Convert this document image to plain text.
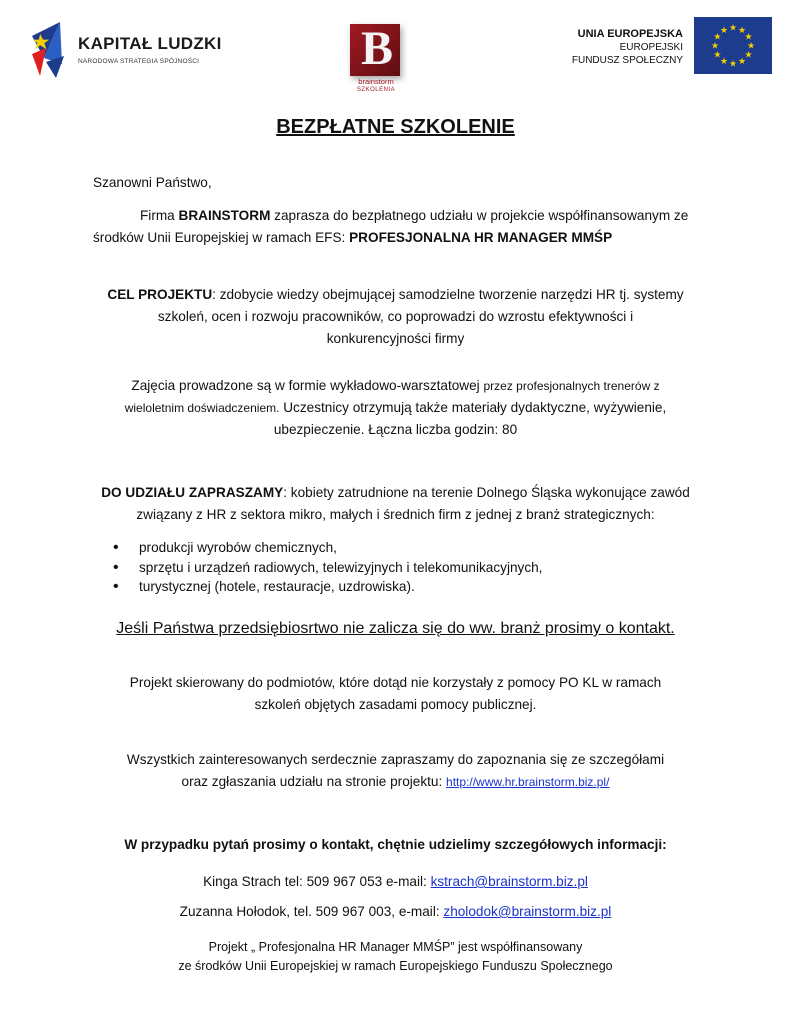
KAPITAŁ LUDZKI
NARODOWA STRATEGIA SPÓJNOŚCI	B
brainstorm
SZKOLENIA
UNIA EUROPEJSKA
EUROPEJSKI
FUNDUSZ SPOŁECZNY
★ ★
★
★
★
★
★
★
★
★
★
★
BEZPŁATNE SZKOLENIE
Szanowni Państwo,
Firma BRAINSTORM zaprasza do bezpłatnego udziału w projekcie współfinansowanym ze
środków Unii Europejskiej w ramach EFS: PROFESJONALNA HR MANAGER MMŚP
CEL PROJEKTU: zdobycie wiedzy obejmującej samodzielne tworzenie narzędzi HR tj. systemy
szkoleń, ocen i rozwoju pracowników, co poprowadzi do wzrostu efektywności i
konkurencyjności firmy
Zajęcia prowadzone są w formie wykładowo-warsztatowej przez profesjonalnych trenerów z
wieloletnim doświadczeniem. Uczestnicy otrzymują także materiały dydaktyczne, wyżywienie,
ubezpieczenie. Łączna liczba godzin: 80
DO UDZIAŁU ZAPRASZAMY: kobiety zatrudnione na terenie Dolnego Śląska wykonujące zawód
związany z HR z sektora mikro, małych i średnich firm z jednej z branż strategicznych:
• produkcji wyrobów chemicznych,
• sprzętu i urządzeń radiowych, telewizyjnych i telekomunikacyjnych,
• turystycznej (hotele, restauracje, uzdrowiska).
Jeśli Państwa przedsiębiosrtwo nie zalicza się do ww. branż prosimy o kontakt.
Projekt skierowany do podmiotów, które dotąd nie korzystały z pomocy PO KL w ramach
szkoleń objętych zasadami pomocy publicznej.
Wszystkich zainteresowanych serdecznie zapraszamy do zapoznania się ze szczegółami
oraz zgłaszania udziału na stronie projektu: http://www.hr.brainstorm.biz.pl/
W przypadku pytań prosimy o kontakt, chętnie udzielimy szczegółowych informacji:
Kinga Strach tel: 509 967 053 e-mail: kstrach@brainstorm.biz.pl
Zuzanna Hołodok, tel. 509 967 003, e-mail: zholodok@brainstorm.biz.pl
Projekt „ Profesjonalna HR Manager MMŚP” jest współfinansowany
ze środków Unii Europejskiej w ramach Europejskiego Funduszu Społecznego
